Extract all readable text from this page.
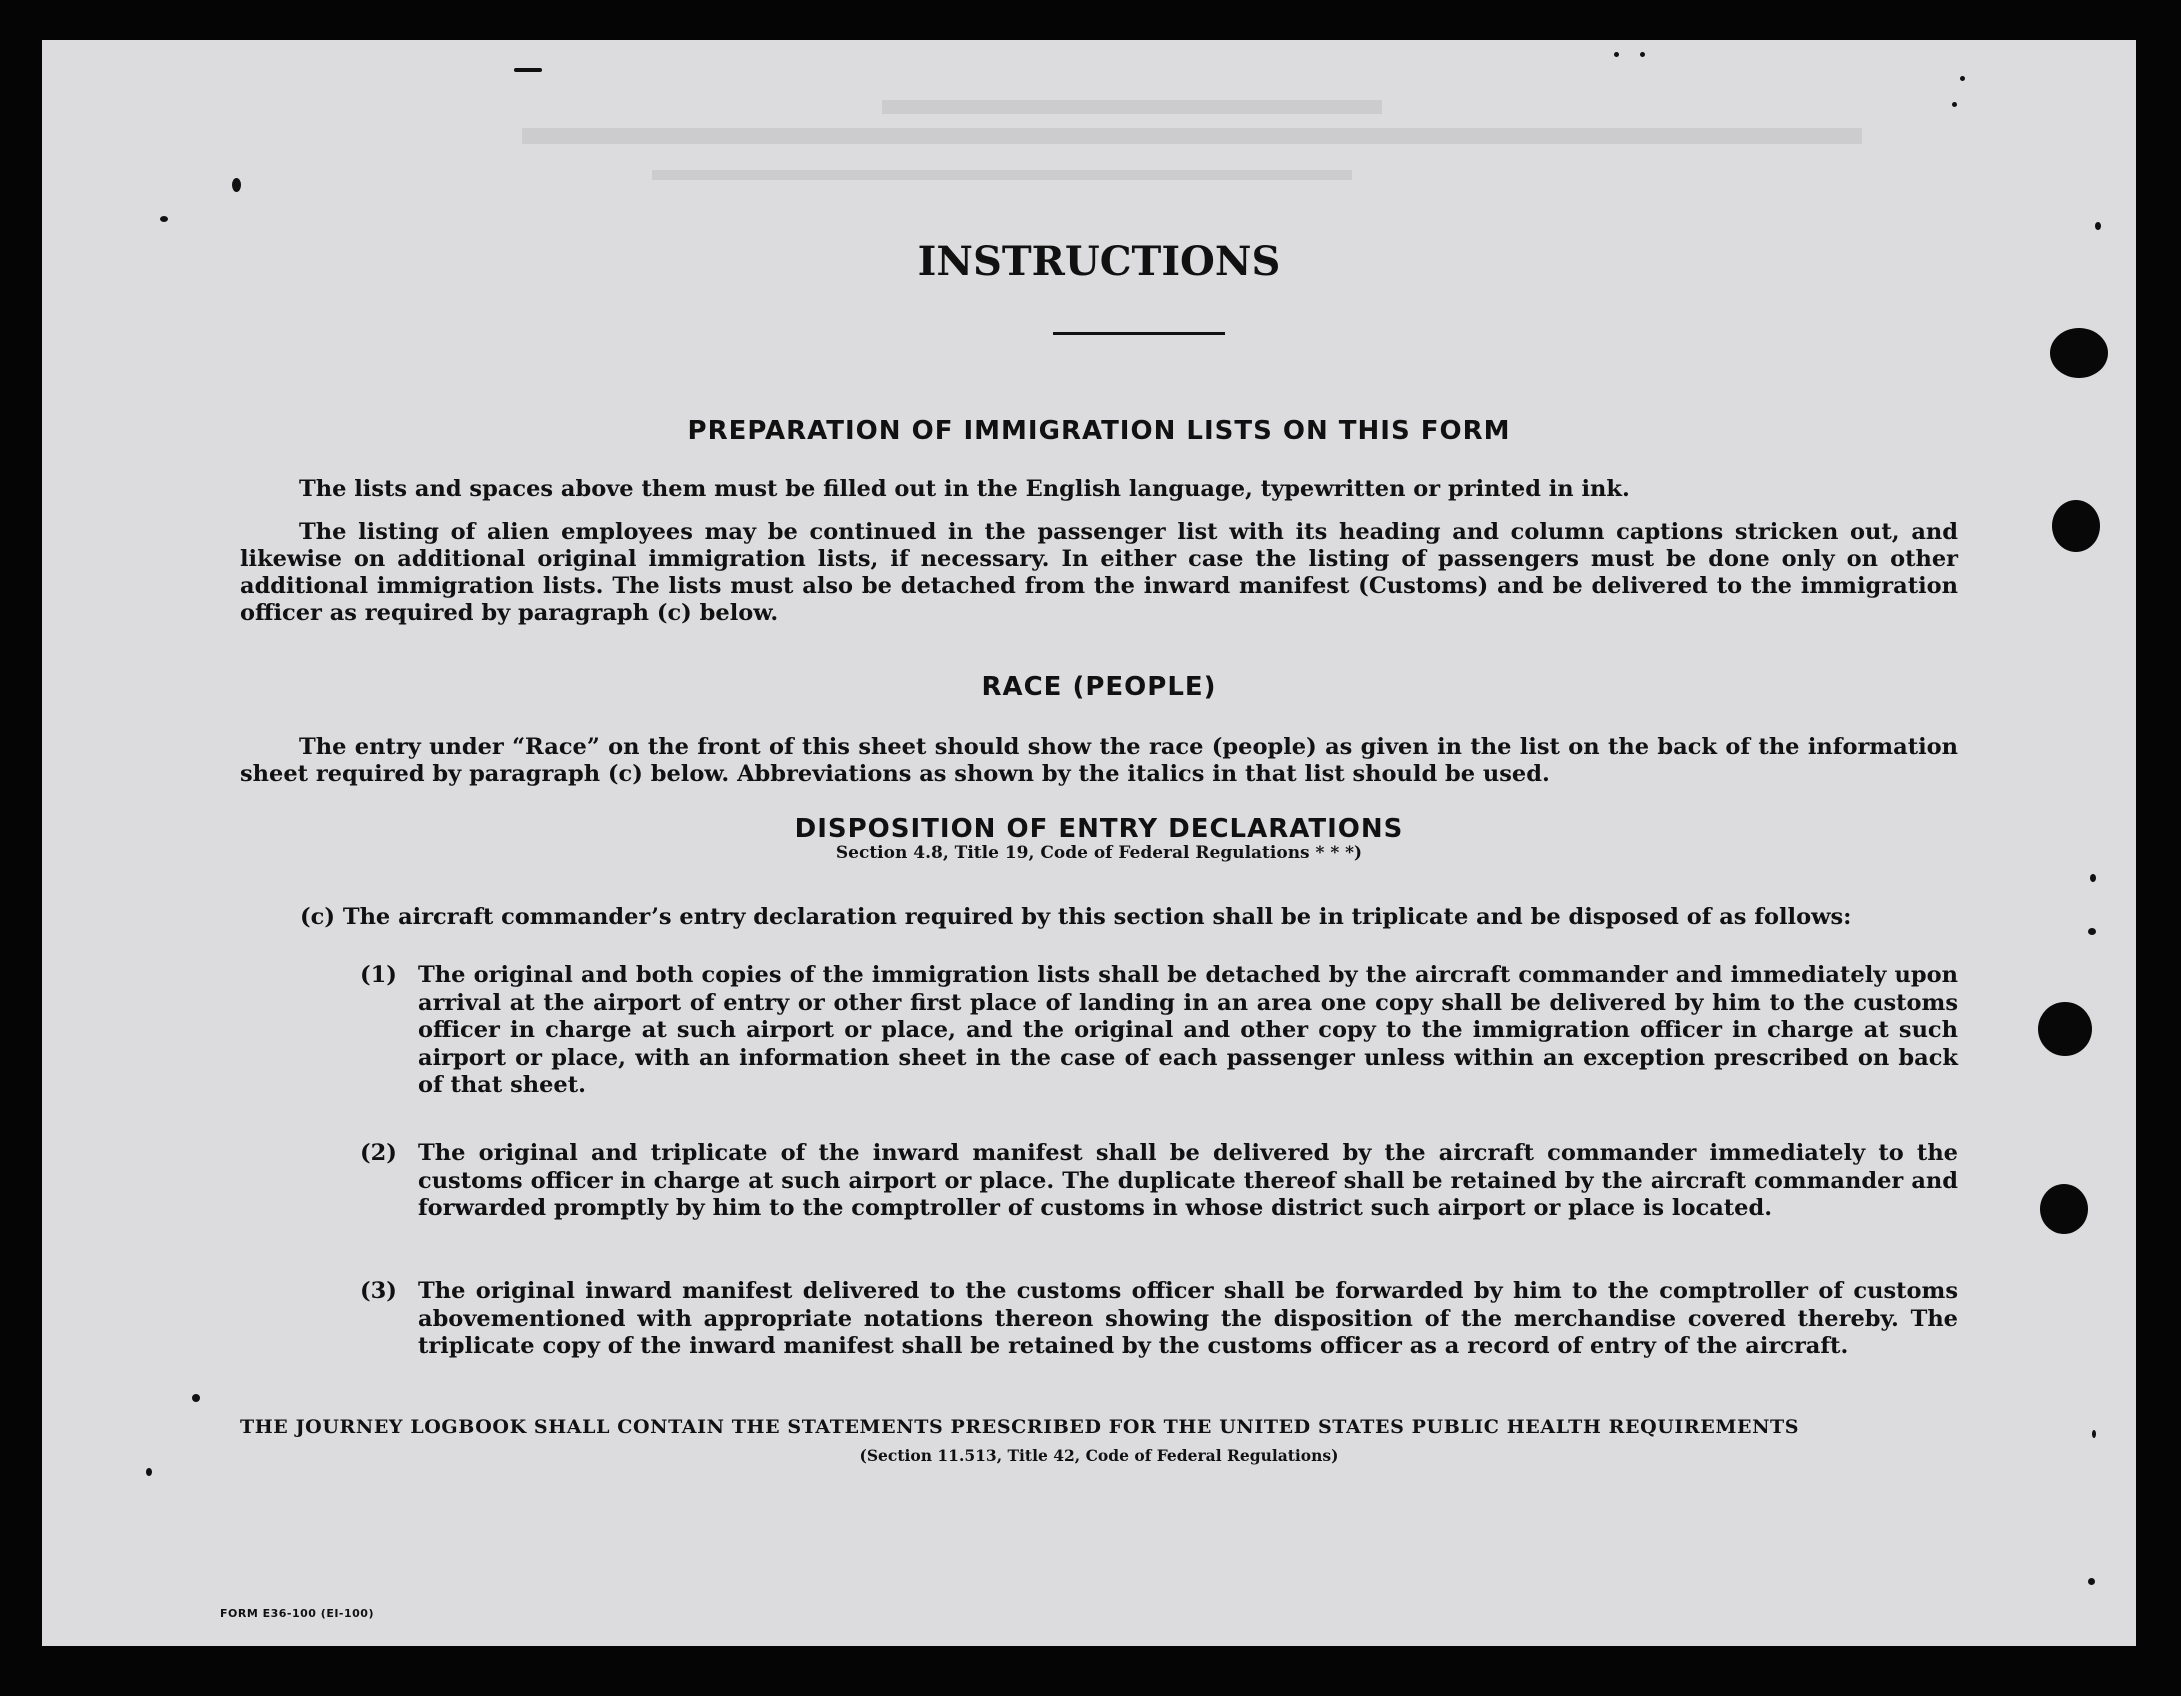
INSTRUCTIONS
PREPARATION OF IMMIGRATION LISTS ON THIS FORM

The lists and spaces above them must be filled out in the English language, typewritten or printed in ink.

The listing of alien employees may be continued in the passenger list with its heading and column captions stricken out, and likewise on additional original immigration lists, if necessary. In either case the listing of passengers must be done only on other additional immigration lists. The lists must also be detached from the inward manifest (Customs) and be delivered to the immigration officer as required by paragraph (c) below.

RACE (PEOPLE)

The entry under “Race” on the front of this sheet should show the race (people) as given in the list on the back of the information sheet required by paragraph (c) below. Abbreviations as shown by the italics in that list should be used.

DISPOSITION OF ENTRY DECLARATIONS
Section 4.8, Title 19, Code of Federal Regulations * * *)

(c) The aircraft commander’s entry declaration required by this section shall be in triplicate and be disposed of as follows:

(1) The original and both copies of the immigration lists shall be detached by the aircraft commander and immediately upon arrival at the airport of entry or other first place of landing in an area one copy shall be delivered by him to the customs officer in charge at such airport or place, and the original and other copy to the immigration officer in charge at such airport or place, with an information sheet in the case of each passenger unless within an exception prescribed on back of that sheet.
(2) The original and triplicate of the inward manifest shall be delivered by the aircraft commander immediately to the customs officer in charge at such airport or place. The duplicate thereof shall be retained by the aircraft commander and forwarded promptly by him to the comptroller of customs in whose district such airport or place is located.
(3) The original inward manifest delivered to the customs officer shall be forwarded by him to the comptroller of customs abovementioned with appropriate notations thereon showing the disposition of the merchandise covered thereby. The triplicate copy of the inward manifest shall be retained by the customs officer as a record of entry of the aircraft.
THE JOURNEY LOGBOOK SHALL CONTAIN THE STATEMENTS PRESCRIBED FOR THE UNITED STATES PUBLIC HEALTH REQUIREMENTS
(Section 11.513, Title 42, Code of Federal Regulations)
FORM E36-100 (EI-100)
